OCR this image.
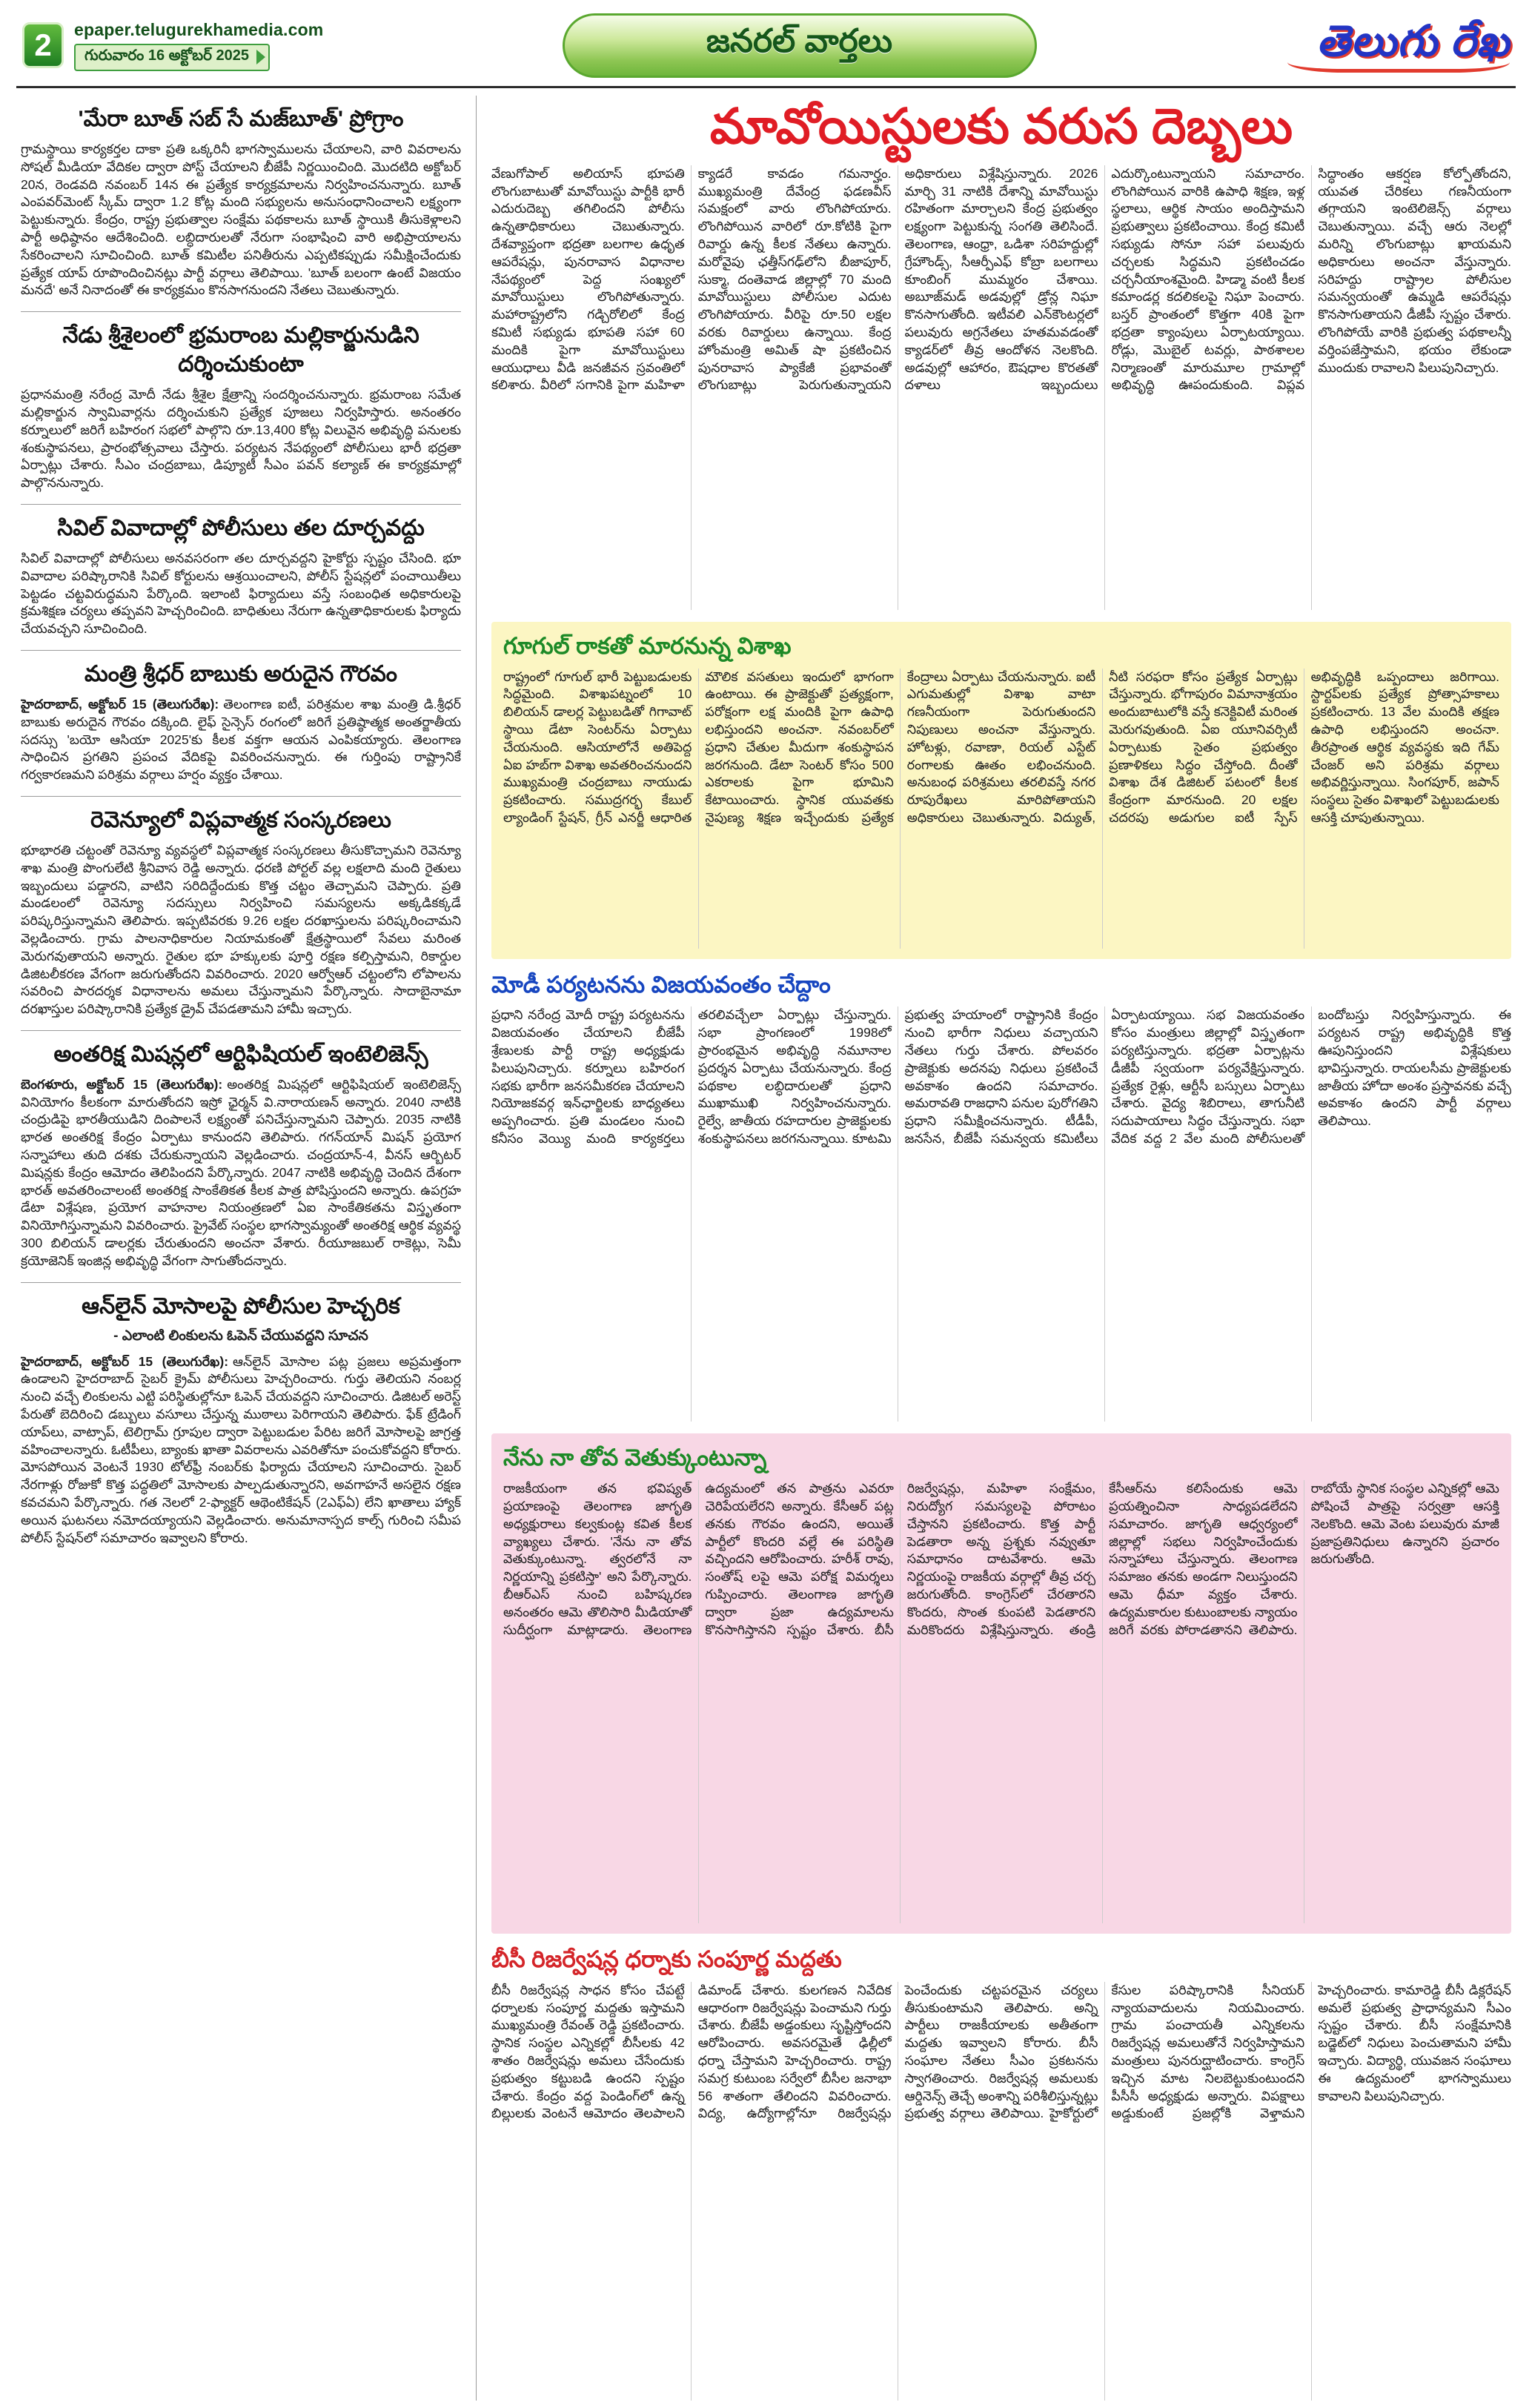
2	epaper.telugurekhamedia.com
గురువారం 16 అక్టోబర్ 2025	జనరల్ వార్తలు	తెలుగు రేఖ
'మేరా బూత్ సబ్ సే మజ్‌బూత్' ప్రోగ్రాం

గ్రామస్థాయి కార్యకర్తల దాకా ప్రతి ఒక్కరినీ భాగస్వాములను చేయాలని, వారి వివరాలను సోషల్ మీడియా వేదికల ద్వారా పోస్ట్ చేయాలని బీజేపీ నిర్ణయించింది. మొదటిది అక్టోబర్ 20న, రెండవది నవంబర్ 14న ఈ ప్రత్యేక కార్యక్రమాలను నిర్వహించనున్నారు. బూత్ ఎంపవర్‌మెంట్ స్కీమ్ ద్వారా 1.2 కోట్ల మంది సభ్యులను అనుసంధానించాలని లక్ష్యంగా పెట్టుకున్నారు. కేంద్రం, రాష్ట్ర ప్రభుత్వాల సంక్షేమ పథకాలను బూత్ స్థాయికి తీసుకెళ్లాలని పార్టీ అధిష్ఠానం ఆదేశించింది. లబ్ధిదారులతో నేరుగా సంభాషించి వారి అభిప్రాయాలను సేకరించాలని సూచించింది. బూత్ కమిటీల పనితీరును ఎప్పటికప్పుడు సమీక్షించేందుకు ప్రత్యేక యాప్ రూపొందించినట్లు పార్టీ వర్గాలు తెలిపాయి. 'బూత్ బలంగా ఉంటే విజయం మనదే' అనే నినాదంతో ఈ కార్యక్రమం కొనసాగనుందని నేతలు చెబుతున్నారు.

నేడు శ్రీశైలంలో భ్రమరాంబ మల్లికార్జునుడిని దర్శించుకుంటా

ప్రధానమంత్రి నరేంద్ర మోదీ నేడు శ్రీశైల క్షేత్రాన్ని సందర్శించనున్నారు. భ్రమరాంబ సమేత మల్లికార్జున స్వామివార్లను దర్శించుకుని ప్రత్యేక పూజలు నిర్వహిస్తారు. అనంతరం కర్నూలులో జరిగే బహిరంగ సభలో పాల్గొని రూ.13,400 కోట్ల విలువైన అభివృద్ధి పనులకు శంకుస్థాపనలు, ప్రారంభోత్సవాలు చేస్తారు. పర్యటన నేపథ్యంలో పోలీసులు భారీ భద్రతా ఏర్పాట్లు చేశారు. సీఎం చంద్రబాబు, డిప్యూటీ సీఎం పవన్ కల్యాణ్ ఈ కార్యక్రమాల్లో పాల్గొననున్నారు.

సివిల్ వివాదాల్లో పోలీసులు తల దూర్చవద్దు

సివిల్ వివాదాల్లో పోలీసులు అనవసరంగా తల దూర్చవద్దని హైకోర్టు స్పష్టం చేసింది. భూ వివాదాల పరిష్కారానికి సివిల్ కోర్టులను ఆశ్రయించాలని, పోలీస్ స్టేషన్లలో పంచాయితీలు పెట్టడం చట్టవిరుద్ధమని పేర్కొంది. ఇలాంటి ఫిర్యాదులు వస్తే సంబంధిత అధికారులపై క్రమశిక్షణ చర్యలు తప్పవని హెచ్చరించింది. బాధితులు నేరుగా ఉన్నతాధికారులకు ఫిర్యాదు చేయవచ్చని సూచించింది.

మంత్రి శ్రీధర్ బాబుకు అరుదైన గౌరవం

హైదరాబాద్, అక్టోబర్ 15 (తెలుగురేఖ): తెలంగాణ ఐటీ, పరిశ్రమల శాఖ మంత్రి డి.శ్రీధర్ బాబుకు అరుదైన గౌరవం దక్కింది. లైఫ్ సైన్సెస్ రంగంలో జరిగే ప్రతిష్ఠాత్మక అంతర్జాతీయ సదస్సు 'బయో ఆసియా 2025'కు కీలక వక్తగా ఆయన ఎంపికయ్యారు. తెలంగాణ సాధించిన ప్రగతిని ప్రపంచ వేదికపై వివరించనున్నారు. ఈ గుర్తింపు రాష్ట్రానికే గర్వకారణమని పరిశ్రమ వర్గాలు హర్షం వ్యక్తం చేశాయి.

రెవెన్యూలో విప్లవాత్మక సంస్కరణలు

భూభారతి చట్టంతో రెవెన్యూ వ్యవస్థలో విప్లవాత్మక సంస్కరణలు తీసుకొచ్చామని రెవెన్యూ శాఖ మంత్రి పొంగులేటి శ్రీనివాస రెడ్డి అన్నారు. ధరణి పోర్టల్ వల్ల లక్షలాది మంది రైతులు ఇబ్బందులు పడ్డారని, వాటిని సరిదిద్దేందుకు కొత్త చట్టం తెచ్చామని చెప్పారు. ప్రతి మండలంలో రెవెన్యూ సదస్సులు నిర్వహించి సమస్యలను అక్కడికక్కడే పరిష్కరిస్తున్నామని తెలిపారు. ఇప్పటివరకు 9.26 లక్షల దరఖాస్తులను పరిష్కరించామని వెల్లడించారు. గ్రామ పాలనాధికారుల నియామకంతో క్షేత్రస్థాయిలో సేవలు మరింత మెరుగవుతాయని అన్నారు. రైతుల భూ హక్కులకు పూర్తి రక్షణ కల్పిస్తామని, రికార్డుల డిజిటలీకరణ వేగంగా జరుగుతోందని వివరించారు. 2020 ఆర్వోఆర్ చట్టంలోని లోపాలను సవరించి పారదర్శక విధానాలను అమలు చేస్తున్నామని పేర్కొన్నారు. సాదాబైనామా దరఖాస్తుల పరిష్కారానికి ప్రత్యేక డ్రైవ్ చేపడతామని హామీ ఇచ్చారు.

అంతరిక్ష మిషన్లలో ఆర్టిఫిషియల్ ఇంటెలిజెన్స్

బెంగళూరు, అక్టోబర్ 15 (తెలుగురేఖ): అంతరిక్ష మిషన్లలో ఆర్టిఫిషియల్ ఇంటెలిజెన్స్ వినియోగం కీలకంగా మారుతోందని ఇస్రో ఛైర్మన్ వి.నారాయణన్ అన్నారు. 2040 నాటికి చంద్రుడిపై భారతీయుడిని దింపాలనే లక్ష్యంతో పనిచేస్తున్నామని చెప్పారు. 2035 నాటికి భారత అంతరిక్ష కేంద్రం ఏర్పాటు కానుందని తెలిపారు. గగన్‌యాన్ మిషన్ ప్రయోగ సన్నాహాలు తుది దశకు చేరుకున్నాయని వెల్లడించారు. చంద్రయాన్-4, వీనస్ ఆర్బిటర్ మిషన్లకు కేంద్రం ఆమోదం తెలిపిందని పేర్కొన్నారు. 2047 నాటికి అభివృద్ధి చెందిన దేశంగా భారత్ అవతరించాలంటే అంతరిక్ష సాంకేతికత కీలక పాత్ర పోషిస్తుందని అన్నారు. ఉపగ్రహ డేటా విశ్లేషణ, ప్రయోగ వాహనాల నియంత్రణలో ఏఐ సాంకేతికతను విస్తృతంగా వినియోగిస్తున్నామని వివరించారు. ప్రైవేట్ సంస్థల భాగస్వామ్యంతో అంతరిక్ష ఆర్థిక వ్యవస్థ 300 బిలియన్ డాలర్లకు చేరుతుందని అంచనా వేశారు. రీయూజబుల్ రాకెట్లు, సెమీ క్రయోజెనిక్ ఇంజిన్ల అభివృద్ధి వేగంగా సాగుతోందన్నారు.

ఆన్‌లైన్ మోసాలపై పోలీసుల హెచ్చరిక
- ఎలాంటి లింకులను ఓపెన్ చేయువద్దని సూచన

హైదరాబాద్, అక్టోబర్ 15 (తెలుగురేఖ): ఆన్‌లైన్ మోసాల పట్ల ప్రజలు అప్రమత్తంగా ఉండాలని హైదరాబాద్ సైబర్ క్రైమ్ పోలీసులు హెచ్చరించారు. గుర్తు తెలియని నంబర్ల నుంచి వచ్చే లింకులను ఎట్టి పరిస్థితుల్లోనూ ఓపెన్ చేయవద్దని సూచించారు. డిజిటల్ అరెస్ట్ పేరుతో బెదిరించి డబ్బులు వసూలు చేస్తున్న ముఠాలు పెరిగాయని తెలిపారు. ఫేక్ ట్రేడింగ్ యాప్‌లు, వాట్సాప్, టెలిగ్రామ్ గ్రూపుల ద్వారా పెట్టుబడుల పేరిట జరిగే మోసాలపై జాగ్రత్త వహించాలన్నారు. ఓటీపీలు, బ్యాంకు ఖాతా వివరాలను ఎవరితోనూ పంచుకోవద్దని కోరారు. మోసపోయిన వెంటనే 1930 టోల్‌ఫ్రీ నంబర్‌కు ఫిర్యాదు చేయాలని సూచించారు. సైబర్ నేరగాళ్లు రోజుకో కొత్త పద్ధతిలో మోసాలకు పాల్పడుతున్నారని, అవగాహనే అసలైన రక్షణ కవచమని పేర్కొన్నారు. గత నెలలో 2-ఫ్యాక్టర్ ఆథెంటికేషన్ (2ఎఫ్ఏ) లేని ఖాతాలు హ్యాక్ అయిన ఘటనలు నమోదయ్యాయని వెల్లడించారు. అనుమానాస్పద కాల్స్ గురించి సమీప పోలీస్ స్టేషన్‌లో సమాచారం ఇవ్వాలని కోరారు.

మావోయిస్టులకు వరుస దెబ్బలు
వేణుగోపాల్ అలియాస్ భూపతి లొంగుబాటుతో మావోయిస్టు పార్టీకి భారీ ఎదురుదెబ్బ తగిలిందని పోలీసు ఉన్నతాధికారులు చెబుతున్నారు. దేశవ్యాప్తంగా భద్రతా బలగాల ఉధృత ఆపరేషన్లు, పునరావాస విధానాల నేపథ్యంలో పెద్ద సంఖ్యలో మావోయిస్టులు లొంగిపోతున్నారు. మహారాష్ట్రలోని గడ్చిరోలిలో కేంద్ర కమిటీ సభ్యుడు భూపతి సహా 60 మందికి పైగా మావోయిస్టులు ఆయుధాలు వీడి జనజీవన స్రవంతిలో కలిశారు. వీరిలో సగానికి పైగా మహిళా క్యాడరే కావడం గమనార్హం. ముఖ్యమంత్రి దేవేంద్ర ఫడణవీస్ సమక్షంలో వారు లొంగిపోయారు. లొంగిపోయిన వారిలో రూ.కోటికి పైగా రివార్డు ఉన్న కీలక నేతలు ఉన్నారు. మరోవైపు ఛత్తీస్‌గఢ్‌లోని బీజాపూర్, సుక్మా, దంతెవాడ జిల్లాల్లో 70 మంది మావోయిస్టులు పోలీసుల ఎదుట లొంగిపోయారు. వీరిపై రూ.50 లక్షల వరకు రివార్డులు ఉన్నాయి. కేంద్ర హోంమంత్రి అమిత్ షా ప్రకటించిన పునరావాస ప్యాకేజీ ప్రభావంతో లొంగుబాట్లు పెరుగుతున్నాయని అధికారులు విశ్లేషిస్తున్నారు. 2026 మార్చి 31 నాటికి దేశాన్ని మావోయిస్టు రహితంగా మార్చాలని కేంద్ర ప్రభుత్వం లక్ష్యంగా పెట్టుకున్న సంగతి తెలిసిందే. తెలంగాణ, ఆంధ్రా, ఒడిశా సరిహద్దుల్లో గ్రేహౌండ్స్, సీఆర్పీఎఫ్ కోబ్రా బలగాలు కూంబింగ్ ముమ్మరం చేశాయి. అబూజ్‌మడ్ అడవుల్లో డ్రోన్ల నిఘా కొనసాగుతోంది. ఇటీవలి ఎన్‌కౌంటర్లలో పలువురు అగ్రనేతలు హతమవడంతో క్యాడర్‌లో తీవ్ర ఆందోళన నెలకొంది. అడవుల్లో ఆహారం, ఔషధాల కొరతతో దళాలు ఇబ్బందులు ఎదుర్కొంటున్నాయని సమాచారం. లొంగిపోయిన వారికి ఉపాధి శిక్షణ, ఇళ్ల స్థలాలు, ఆర్థిక సాయం అందిస్తామని ప్రభుత్వాలు ప్రకటించాయి. కేంద్ర కమిటీ సభ్యుడు సోనూ సహా పలువురు చర్చలకు సిద్ధమని ప్రకటించడం చర్చనీయాంశమైంది. హిడ్మా వంటి కీలక కమాండర్ల కదలికలపై నిఘా పెంచారు. బస్తర్ ప్రాంతంలో కొత్తగా 40కి పైగా భద్రతా క్యాంపులు ఏర్పాటయ్యాయి. రోడ్లు, మొబైల్ టవర్లు, పాఠశాలల నిర్మాణంతో మారుమూల గ్రామాల్లో అభివృద్ధి ఊపందుకుంది. విప్లవ సిద్ధాంతం ఆకర్షణ కోల్పోతోందని, యువత చేరికలు గణనీయంగా తగ్గాయని ఇంటెలిజెన్స్ వర్గాలు చెబుతున్నాయి. వచ్చే ఆరు నెలల్లో మరిన్ని లొంగుబాట్లు ఖాయమని అధికారులు అంచనా వేస్తున్నారు. సరిహద్దు రాష్ట్రాల పోలీసుల సమన్వయంతో ఉమ్మడి ఆపరేషన్లు కొనసాగుతాయని డీజీపీ స్పష్టం చేశారు. లొంగిపోయే వారికి ప్రభుత్వ పథకాలన్నీ వర్తింపజేస్తామని, భయం లేకుండా ముందుకు రావాలని పిలుపునిచ్చారు.
గూగుల్ రాకతో మారనున్న విశాఖ
రాష్ట్రంలో గూగుల్ భారీ పెట్టుబడులకు సిద్ధమైంది. విశాఖపట్నంలో 10 బిలియన్ డాలర్ల పెట్టుబడితో గిగావాట్ స్థాయి డేటా సెంటర్‌ను ఏర్పాటు చేయనుంది. ఆసియాలోనే అతిపెద్ద ఏఐ హబ్‌గా విశాఖ అవతరించనుందని ముఖ్యమంత్రి చంద్రబాబు నాయుడు ప్రకటించారు. సముద్రగర్భ కేబుల్ ల్యాండింగ్ స్టేషన్, గ్రీన్ ఎనర్జీ ఆధారిత మౌలిక వసతులు ఇందులో భాగంగా ఉంటాయి. ఈ ప్రాజెక్టుతో ప్రత్యక్షంగా, పరోక్షంగా లక్ష మందికి పైగా ఉపాధి లభిస్తుందని అంచనా. నవంబర్‌లో ప్రధాని చేతుల మీదుగా శంకుస్థాపన జరగనుంది. డేటా సెంటర్ కోసం 500 ఎకరాలకు పైగా భూమిని కేటాయించారు. స్థానిక యువతకు నైపుణ్య శిక్షణ ఇచ్చేందుకు ప్రత్యేక కేంద్రాలు ఏర్పాటు చేయనున్నారు. ఐటీ ఎగుమతుల్లో విశాఖ వాటా గణనీయంగా పెరుగుతుందని నిపుణులు అంచనా వేస్తున్నారు. హోటళ్లు, రవాణా, రియల్ ఎస్టేట్ రంగాలకు ఊతం లభించనుంది. అనుబంధ పరిశ్రమలు తరలివస్తే నగర రూపురేఖలు మారిపోతాయని అధికారులు చెబుతున్నారు. విద్యుత్, నీటి సరఫరా కోసం ప్రత్యేక ఏర్పాట్లు చేస్తున్నారు. భోగాపురం విమానాశ్రయం అందుబాటులోకి వస్తే కనెక్టివిటీ మరింత మెరుగవుతుంది. ఏఐ యూనివర్సిటీ ఏర్పాటుకు సైతం ప్రభుత్వం ప్రణాళికలు సిద్ధం చేస్తోంది. దీంతో విశాఖ దేశ డిజిటల్ పటంలో కీలక కేంద్రంగా మారనుంది. 20 లక్షల చదరపు అడుగుల ఐటీ స్పేస్ అభివృద్ధికి ఒప్పందాలు జరిగాయి. స్టార్టప్‌లకు ప్రత్యేక ప్రోత్సాహకాలు ప్రకటించారు. 13 వేల మందికి తక్షణ ఉపాధి లభిస్తుందని అంచనా. తీరప్రాంత ఆర్థిక వ్యవస్థకు ఇది గేమ్ చేంజర్ అని పరిశ్రమ వర్గాలు అభివర్ణిస్తున్నాయి. సింగపూర్, జపాన్ సంస్థలు సైతం విశాఖలో పెట్టుబడులకు ఆసక్తి చూపుతున్నాయి.
మోడీ పర్యటనను విజయవంతం చేద్దాం
ప్రధాని నరేంద్ర మోదీ రాష్ట్ర పర్యటనను విజయవంతం చేయాలని బీజేపీ శ్రేణులకు పార్టీ రాష్ట్ర అధ్యక్షుడు పిలుపునిచ్చారు. కర్నూలు బహిరంగ సభకు భారీగా జనసమీకరణ చేయాలని నియోజకవర్గ ఇన్‌ఛార్జిలకు బాధ్యతలు అప్పగించారు. ప్రతి మండలం నుంచి కనీసం వెయ్యి మంది కార్యకర్తలు తరలివచ్చేలా ఏర్పాట్లు చేస్తున్నారు. సభా ప్రాంగణంలో 1998లో ప్రారంభమైన అభివృద్ధి నమూనాల ప్రదర్శన ఏర్పాటు చేయనున్నారు. కేంద్ర పథకాల లబ్ధిదారులతో ప్రధాని ముఖాముఖి నిర్వహించనున్నారు. రైల్వే, జాతీయ రహదారుల ప్రాజెక్టులకు శంకుస్థాపనలు జరగనున్నాయి. కూటమి ప్రభుత్వ హయాంలో రాష్ట్రానికి కేంద్రం నుంచి భారీగా నిధులు వచ్చాయని నేతలు గుర్తు చేశారు. పోలవరం ప్రాజెక్టుకు అదనపు నిధులు ప్రకటించే అవకాశం ఉందని సమాచారం. అమరావతి రాజధాని పనుల పురోగతిని ప్రధాని సమీక్షించనున్నారు. టీడీపీ, జనసేన, బీజేపీ సమన్వయ కమిటీలు ఏర్పాటయ్యాయి. సభ విజయవంతం కోసం మంత్రులు జిల్లాల్లో విస్తృతంగా పర్యటిస్తున్నారు. భద్రతా ఏర్పాట్లను డీజీపీ స్వయంగా పర్యవేక్షిస్తున్నారు. ప్రత్యేక రైళ్లు, ఆర్టీసీ బస్సులు ఏర్పాటు చేశారు. వైద్య శిబిరాలు, తాగునీటి సదుపాయాలు సిద్ధం చేస్తున్నారు. సభా వేదిక వద్ద 2 వేల మంది పోలీసులతో బందోబస్తు నిర్వహిస్తున్నారు. ఈ పర్యటన రాష్ట్ర అభివృద్ధికి కొత్త ఊపునిస్తుందని విశ్లేషకులు భావిస్తున్నారు. రాయలసీమ ప్రాజెక్టులకు జాతీయ హోదా అంశం ప్రస్తావనకు వచ్చే అవకాశం ఉందని పార్టీ వర్గాలు తెలిపాయి.
నేను నా తోవ వెతుక్కుంటున్నా
రాజకీయంగా తన భవిష్యత్ ప్రయాణంపై తెలంగాణ జాగృతి అధ్యక్షురాలు కల్వకుంట్ల కవిత కీలక వ్యాఖ్యలు చేశారు. 'నేను నా తోవ వెతుక్కుంటున్నా. త్వరలోనే నా నిర్ణయాన్ని ప్రకటిస్తా' అని పేర్కొన్నారు. బీఆర్ఎస్ నుంచి బహిష్కరణ అనంతరం ఆమె తొలిసారి మీడియాతో సుదీర్ఘంగా మాట్లాడారు. తెలంగాణ ఉద్యమంలో తన పాత్రను ఎవరూ చెరిపేయలేరని అన్నారు. కేసీఆర్ పట్ల తనకు గౌరవం ఉందని, అయితే పార్టీలో కొందరి వల్లే ఈ పరిస్థితి వచ్చిందని ఆరోపించారు. హరీశ్ రావు, సంతోష్ లపై ఆమె పరోక్ష విమర్శలు గుప్పించారు. తెలంగాణ జాగృతి ద్వారా ప్రజా ఉద్యమాలను కొనసాగిస్తానని స్పష్టం చేశారు. బీసీ రిజర్వేషన్లు, మహిళా సంక్షేమం, నిరుద్యోగ సమస్యలపై పోరాటం చేస్తానని ప్రకటించారు. కొత్త పార్టీ పెడతారా అన్న ప్రశ్నకు నవ్వుతూ సమాధానం దాటవేశారు. ఆమె నిర్ణయంపై రాజకీయ వర్గాల్లో తీవ్ర చర్చ జరుగుతోంది. కాంగ్రెస్‌లో చేరతారని కొందరు, సొంత కుంపటి పెడతారని మరికొందరు విశ్లేషిస్తున్నారు. తండ్రి కేసీఆర్‌ను కలిసేందుకు ఆమె ప్రయత్నించినా సాధ్యపడలేదని సమాచారం. జాగృతి ఆధ్వర్యంలో జిల్లాల్లో సభలు నిర్వహించేందుకు సన్నాహాలు చేస్తున్నారు. తెలంగాణ సమాజం తనకు అండగా నిలుస్తుందని ఆమె ధీమా వ్యక్తం చేశారు. ఉద్యమకారుల కుటుంబాలకు న్యాయం జరిగే వరకు పోరాడతానని తెలిపారు. రాబోయే స్థానిక సంస్థల ఎన్నికల్లో ఆమె పోషించే పాత్రపై సర్వత్రా ఆసక్తి నెలకొంది. ఆమె వెంట పలువురు మాజీ ప్రజాప్రతినిధులు ఉన్నారని ప్రచారం జరుగుతోంది.
బీసీ రిజర్వేషన్ల ధర్నాకు సంపూర్ణ మద్దతు
బీసీ రిజర్వేషన్ల సాధన కోసం చేపట్టే ధర్నాలకు సంపూర్ణ మద్దతు ఇస్తామని ముఖ్యమంత్రి రేవంత్ రెడ్డి ప్రకటించారు. స్థానిక సంస్థల ఎన్నికల్లో బీసీలకు 42 శాతం రిజర్వేషన్లు అమలు చేసేందుకు ప్రభుత్వం కట్టుబడి ఉందని స్పష్టం చేశారు. కేంద్రం వద్ద పెండింగ్‌లో ఉన్న బిల్లులకు వెంటనే ఆమోదం తెలపాలని డిమాండ్ చేశారు. కులగణన నివేదిక ఆధారంగా రిజర్వేషన్లు పెంచామని గుర్తు చేశారు. బీజేపీ అడ్డంకులు సృష్టిస్తోందని ఆరోపించారు. అవసరమైతే ఢిల్లీలో ధర్నా చేస్తామని హెచ్చరించారు. రాష్ట్ర సమగ్ర కుటుంబ సర్వేలో బీసీల జనాభా 56 శాతంగా తేలిందని వివరించారు. విద్య, ఉద్యోగాల్లోనూ రిజర్వేషన్లు పెంచేందుకు చట్టపరమైన చర్యలు తీసుకుంటామని తెలిపారు. అన్ని పార్టీలు రాజకీయాలకు అతీతంగా మద్దతు ఇవ్వాలని కోరారు. బీసీ సంఘాల నేతలు సీఎం ప్రకటనను స్వాగతించారు. రిజర్వేషన్ల అమలుకు ఆర్డినెన్స్ తెచ్చే అంశాన్ని పరిశీలిస్తున్నట్లు ప్రభుత్వ వర్గాలు తెలిపాయి. హైకోర్టులో కేసుల పరిష్కారానికి సీనియర్ న్యాయవాదులను నియమించారు. గ్రామ పంచాయతీ ఎన్నికలను రిజర్వేషన్ల అమలుతోనే నిర్వహిస్తామని మంత్రులు పునరుద్ఘాటించారు. కాంగ్రెస్ ఇచ్చిన మాట నిలబెట్టుకుంటుందని పీసీసీ అధ్యక్షుడు అన్నారు. విపక్షాలు అడ్డుకుంటే ప్రజల్లోకి వెళ్తామని హెచ్చరించారు. కామారెడ్డి బీసీ డిక్లరేషన్ అమలే ప్రభుత్వ ప్రాధాన్యమని సీఎం స్పష్టం చేశారు. బీసీ సంక్షేమానికి బడ్జెట్‌లో నిధులు పెంచుతామని హామీ ఇచ్చారు. విద్యార్థి, యువజన సంఘాలు ఈ ఉద్యమంలో భాగస్వాములు కావాలని పిలుపునిచ్చారు.
